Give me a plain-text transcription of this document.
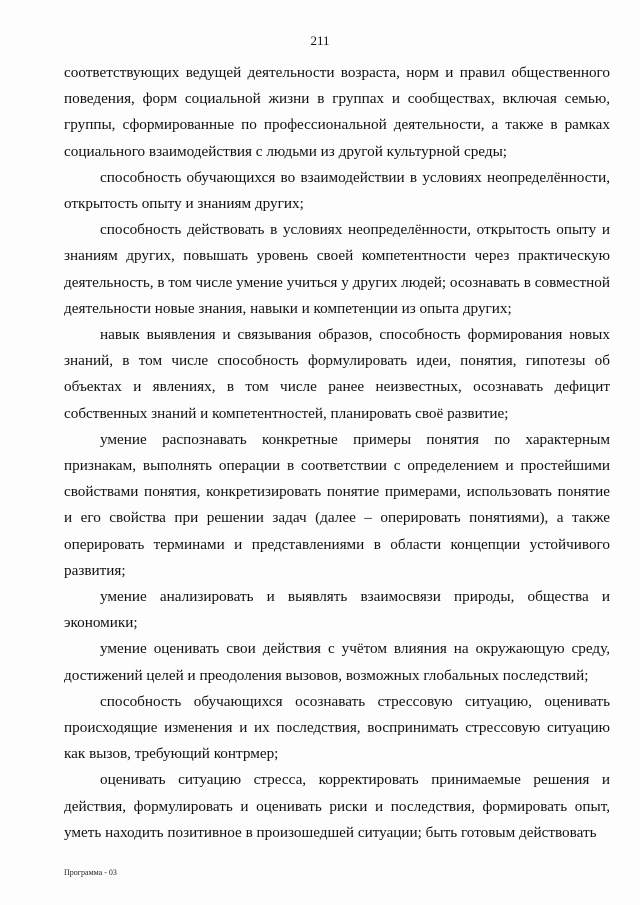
211

соответствующих ведущей деятельности возраста, норм и правил общественного поведения, форм социальной жизни в группах и сообществах, включая семью, группы, сформированные по профессиональной деятельности, а также в рамках социального взаимодействия с людьми из другой культурной среды;

способность обучающихся во взаимодействии в условиях неопределённости, открытость опыту и знаниям других;

способность действовать в условиях неопределённости, открытость опыту и знаниям других, повышать уровень своей компетентности через практическую деятельность, в том числе умение учиться у других людей; осознавать в совместной деятельности новые знания, навыки и компетенции из опыта других;

навык выявления и связывания образов, способность формирования новых знаний, в том числе способность формулировать идеи, понятия, гипотезы об объектах и явлениях, в том числе ранее неизвестных, осознавать дефицит собственных знаний и компетентностей, планировать своё развитие;

умение распознавать конкретные примеры понятия по характерным признакам, выполнять операции в соответствии с определением и простейшими свойствами понятия, конкретизировать понятие примерами, использовать понятие и его свойства при решении задач (далее – оперировать понятиями), а также оперировать терминами и представлениями в области концепции устойчивого развития;

умение анализировать и выявлять взаимосвязи природы, общества и экономики;

умение оценивать свои действия с учётом влияния на окружающую среду, достижений целей и преодоления вызовов, возможных глобальных последствий;

способность обучающихся осознавать стрессовую ситуацию, оценивать происходящие изменения и их последствия, воспринимать стрессовую ситуацию как вызов, требующий контрмер;

оценивать ситуацию стресса, корректировать принимаемые решения и действия, формулировать и оценивать риски и последствия, формировать опыт, уметь находить позитивное в произошедшей ситуации; быть готовым действовать

Программа - 03
